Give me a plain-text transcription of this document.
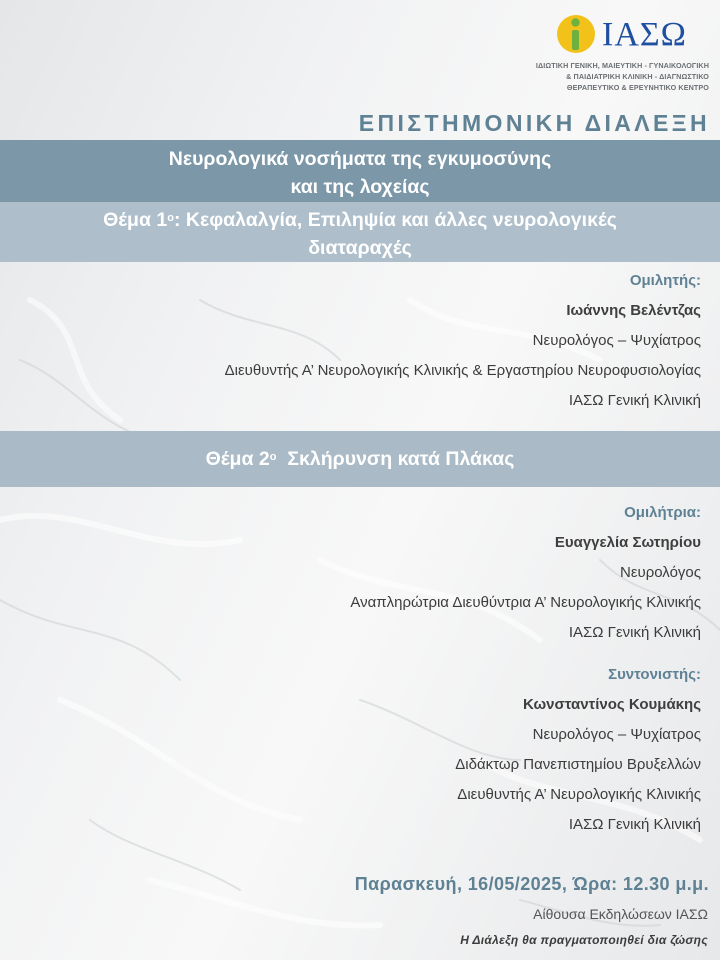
ΙΑΣΩ
ΙΔΙΩΤΙΚΗ ΓΕΝΙΚΗ, ΜΑΙΕΥΤΙΚΗ - ΓΥΝΑΙΚΟΛΟΓΙΚΗ
& ΠΑΙΔΙΑΤΡΙΚΗ ΚΛΙΝΙΚΗ - ΔΙΑΓΝΩΣΤΙΚΟ
ΘΕΡΑΠΕΥΤΙΚΟ & ΕΡΕΥΝΗΤΙΚΟ ΚΕΝΤΡΟ
ΕΠΙΣΤΗΜΟΝΙΚΗ ΔΙΑΛΕΞΗ
Νευρολογικά νοσήματα της εγκυμοσύνης
και της λοχείας
Θέμα $1^o$: Κεφαλαλγία, Επιληψία και άλλες νευρολογικές
διαταραχές
Ομιλητής:
Ιωάννης Βελέντζας
Νευρολόγος – Ψυχίατρος
Διευθυντής Α’ Νευρολογικής Κλινικής & Εργαστηρίου Νευροφυσιολογίας
ΙΑΣΩ Γενική Κλινική
Θέμα $2^o$  Σκλήρυνση κατά Πλάκας
Ομιλήτρια:
Ευαγγελία Σωτηρίου
Νευρολόγος
Αναπληρώτρια Διευθύντρια Α’ Νευρολογικής Κλινικής
ΙΑΣΩ Γενική Κλινική
Συντονιστής:
Κωνσταντίνος Κουμάκης
Νευρολόγος – Ψυχίατρος
Διδάκτωρ Πανεπιστημίου Βρυξελλών
Διευθυντής Α’ Νευρολογικής Κλινικής
ΙΑΣΩ Γενική Κλινική
Παρασκευή, 16/05/2025, Ώρα: 12.30 μ.μ.
Αίθουσα Εκδηλώσεων ΙΑΣΩ
Η Διάλεξη θα πραγματοποιηθεί δια ζώσης
